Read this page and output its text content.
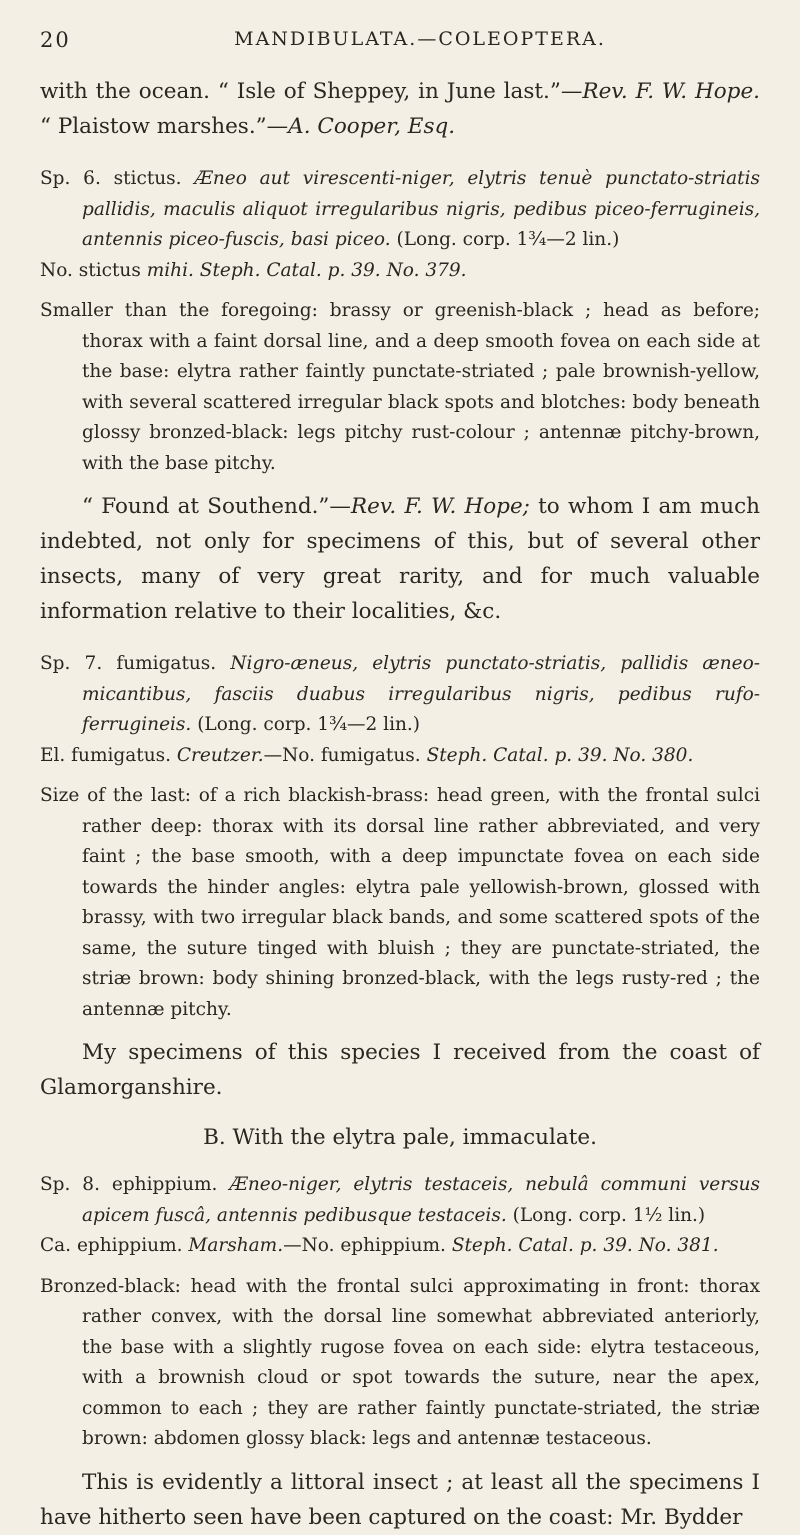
20	MANDIBULATA.—COLEOPTERA.

with the ocean. “ Isle of Sheppey, in June last.”—Rev. F. W. Hope. “ Plaistow marshes.”—A. Cooper, Esq.

Sp. 6. stictus. Æneo aut virescenti-niger, elytris tenuè punctato-striatis pallidis, maculis aliquot irregularibus nigris, pedibus piceo-ferrugineis, antennis piceo-fuscis, basi piceo. (Long. corp. 1¾—2 lin.)

No. stictus mihi. Steph. Catal. p. 39. No. 379.

Smaller than the foregoing: brassy or greenish-black ; head as before; thorax with a faint dorsal line, and a deep smooth fovea on each side at the base: elytra rather faintly punctate-striated ; pale brownish-yellow, with several scattered irregular black spots and blotches: body beneath glossy bronzed-black: legs pitchy rust-colour ; antennæ pitchy-brown, with the base pitchy.

“ Found at Southend.”—Rev. F. W. Hope; to whom I am much indebted, not only for specimens of this, but of several other insects, many of very great rarity, and for much valuable information relative to their localities, &c.

Sp. 7. fumigatus. Nigro-æneus, elytris punctato-striatis, pallidis æneo-micantibus, fasciis duabus irregularibus nigris, pedibus rufo-ferrugineis. (Long. corp. 1¾—2 lin.)

El. fumigatus. Creutzer.—No. fumigatus. Steph. Catal. p. 39. No. 380.

Size of the last: of a rich blackish-brass: head green, with the frontal sulci rather deep: thorax with its dorsal line rather abbreviated, and very faint ; the base smooth, with a deep impunctate fovea on each side towards the hinder angles: elytra pale yellowish-brown, glossed with brassy, with two irregular black bands, and some scattered spots of the same, the suture tinged with bluish ; they are punctate-striated, the striæ brown: body shining bronzed-black, with the legs rusty-red ; the antennæ pitchy.

My specimens of this species I received from the coast of Glamorganshire.

B. With the elytra pale, immaculate.

Sp. 8. ephippium. Æneo-niger, elytris testaceis, nebulâ communi versus apicem fuscâ, antennis pedibusque testaceis. (Long. corp. 1½ lin.)

Ca. ephippium. Marsham.—No. ephippium. Steph. Catal. p. 39. No. 381.

Bronzed-black: head with the frontal sulci approximating in front: thorax rather convex, with the dorsal line somewhat abbreviated anteriorly, the base with a slightly rugose fovea on each side: elytra testaceous, with a brownish cloud or spot towards the suture, near the apex, common to each ; they are rather faintly punctate-striated, the striæ brown: abdomen glossy black: legs and antennæ testaceous.

This is evidently a littoral insect ; at least all the specimens I have hitherto seen have been captured on the coast: Mr. Bydder
